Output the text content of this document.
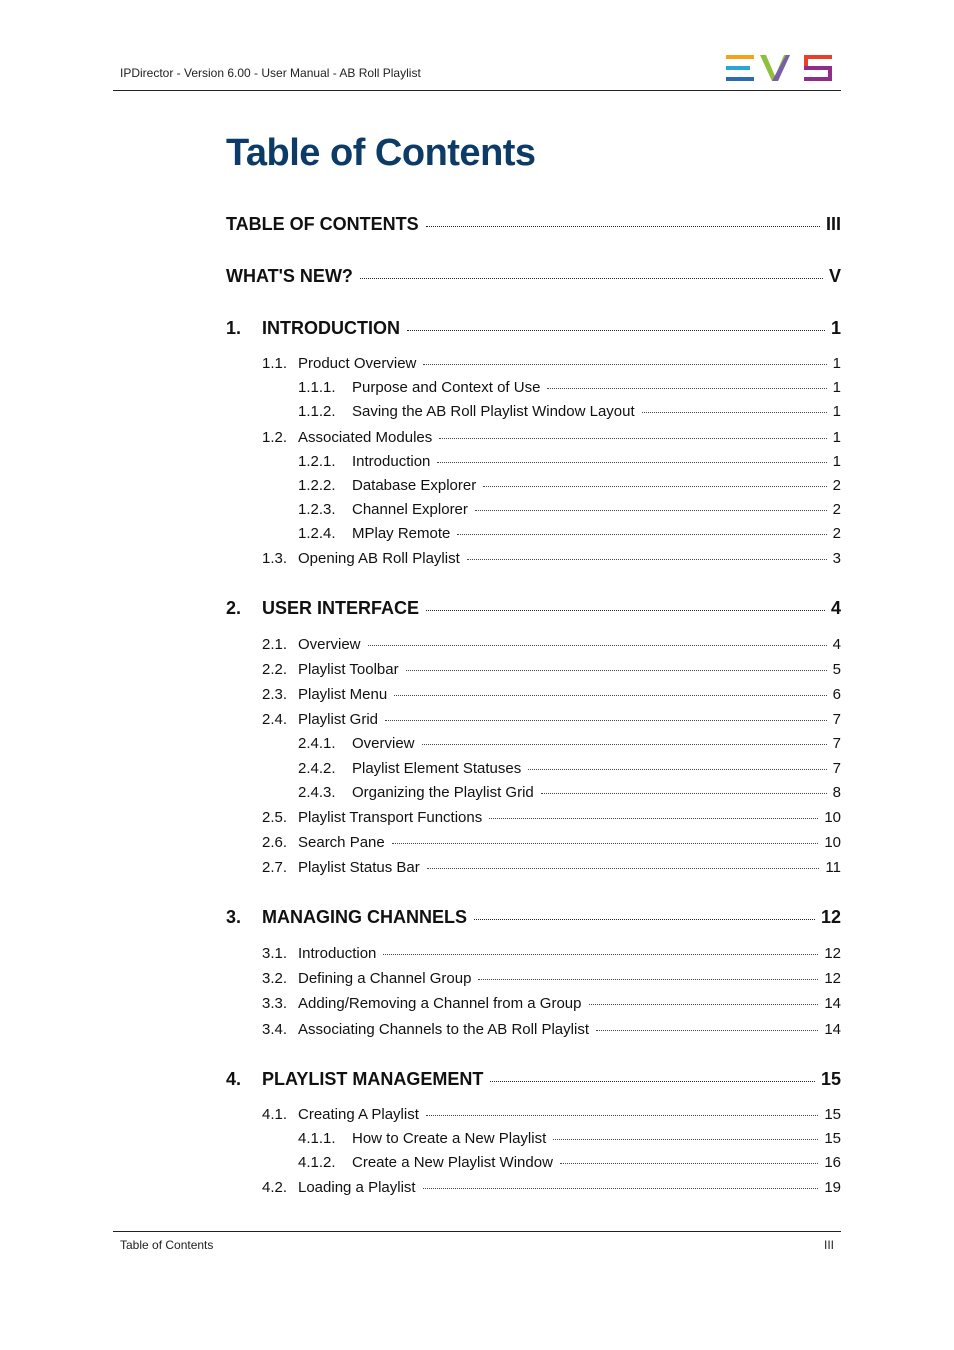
IPDirector - Version 6.00 - User Manual - AB Roll Playlist
Table of Contents
TABLE OF CONTENTS	III
WHAT'S NEW?	V
1.	INTRODUCTION	1
1.1. Product Overview	1
1.1.1.	Purpose and Context of Use	1
1.1.2.	Saving the AB Roll Playlist Window Layout	1
1.2. Associated Modules	1
1.2.1.	Introduction	1
1.2.2.	Database Explorer	2
1.2.3.	Channel Explorer	2
1.2.4.	MPlay Remote	2
1.3. Opening AB Roll Playlist	3
2.	USER INTERFACE	4
2.1. Overview	4
2.2. Playlist Toolbar	5
2.3. Playlist Menu	6
2.4. Playlist Grid	7
2.4.1.	Overview	7
2.4.2.	Playlist Element Statuses	7
2.4.3.	Organizing the Playlist Grid	8
2.5. Playlist Transport Functions	10
2.6. Search Pane	10
2.7. Playlist Status Bar	11
3.	MANAGING CHANNELS	12
3.1. Introduction	12
3.2. Defining a Channel Group	12
3.3. Adding/Removing a Channel from a Group	14
3.4. Associating Channels to the AB Roll Playlist	14
4.	PLAYLIST MANAGEMENT	15
4.1. Creating A Playlist	15
4.1.1.	How to Create a New Playlist	15
4.1.2.	Create a New Playlist Window	16
4.2. Loading a Playlist	19
Table of Contents	III
